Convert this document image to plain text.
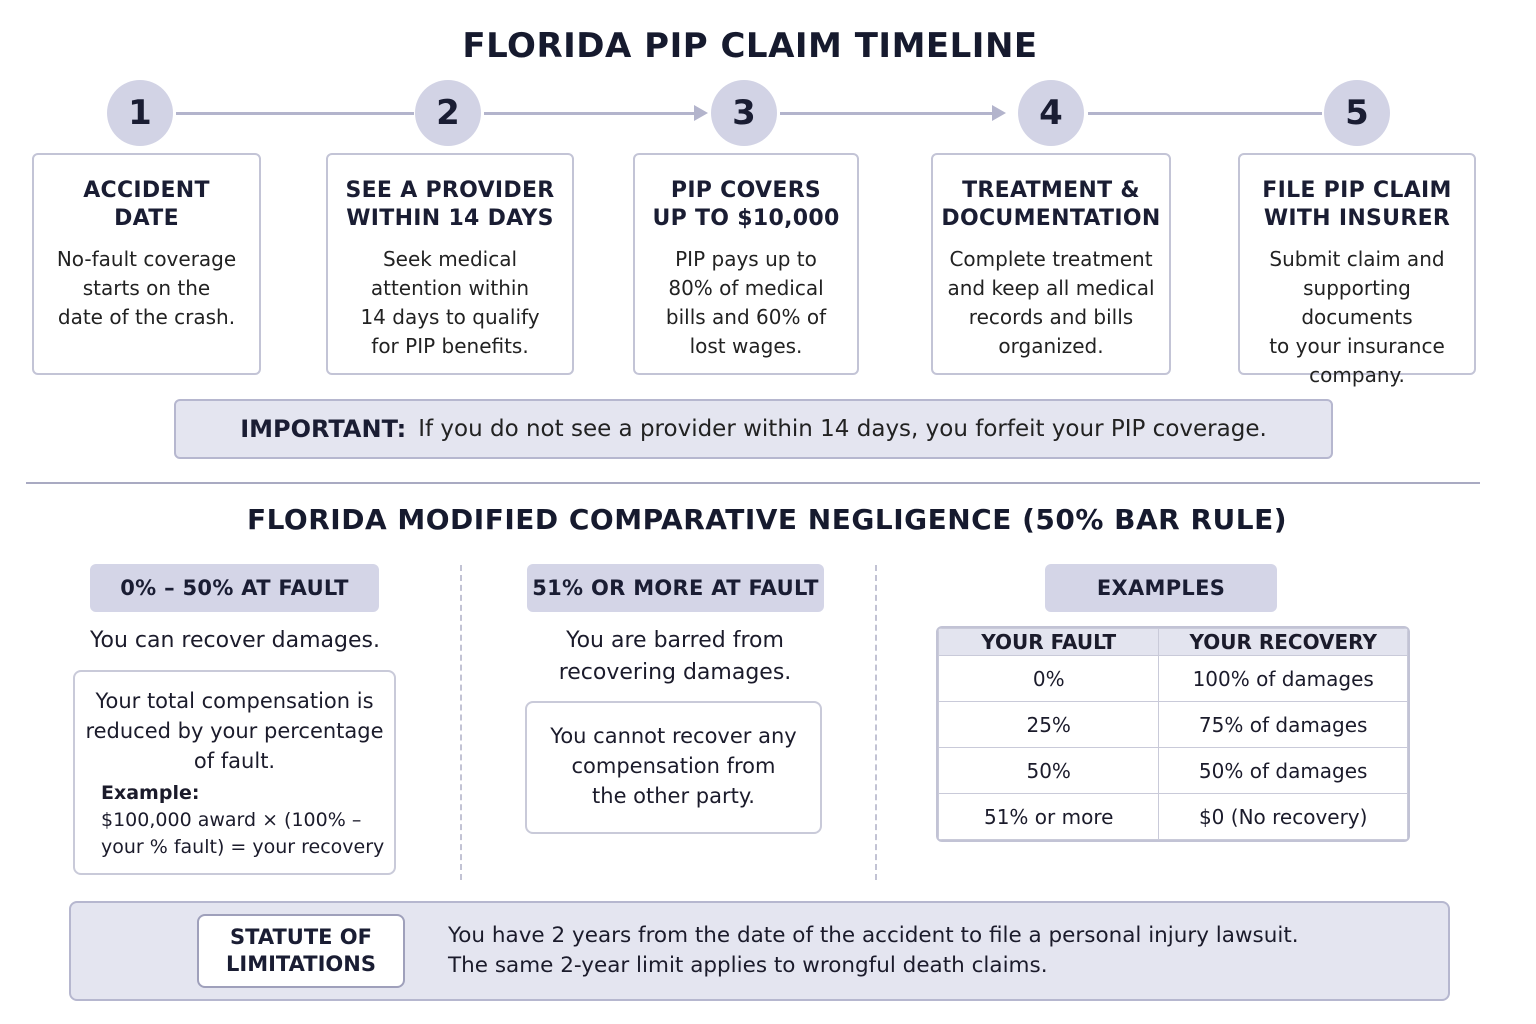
FLORIDA PIP CLAIM TIMELINE
1	2	3	4	5
ACCIDENT
DATE

No-fault coverage
starts on the
date of the crash.

SEE A PROVIDER
WITHIN 14 DAYS

Seek medical
attention within
14 days to qualify
for PIP benefits.

PIP COVERS
UP TO $10,000

PIP pays up to
80% of medical
bills and 60% of
lost wages.

TREATMENT &
DOCUMENTATION

Complete treatment
and keep all medical
records and bills
organized.

FILE PIP CLAIM
WITH INSURER

Submit claim and
supporting documents
to your insurance
company.

IMPORTANT: If you do not see a provider within 14 days, you forfeit your PIP coverage.
FLORIDA MODIFIED COMPARATIVE NEGLIGENCE (50% BAR RULE)
0% – 50% AT FAULT
You can recover damages.
Your total compensation is
reduced by your percentage
of fault.
Example:
$100,000 award × (100% –
your % fault) = your recovery
51% OR MORE AT FAULT
You are barred from
recovering damages.
You cannot recover any
compensation from
the other party.
EXAMPLES
YOUR FAULT	YOUR RECOVERY
0%	100% of damages
25%	75% of damages
50%	50% of damages
51% or more	$0 (No recovery)
STATUTE OF
LIMITATIONS
You have 2 years from the date of the accident to file a personal injury lawsuit.
The same 2-year limit applies to wrongful death claims.
